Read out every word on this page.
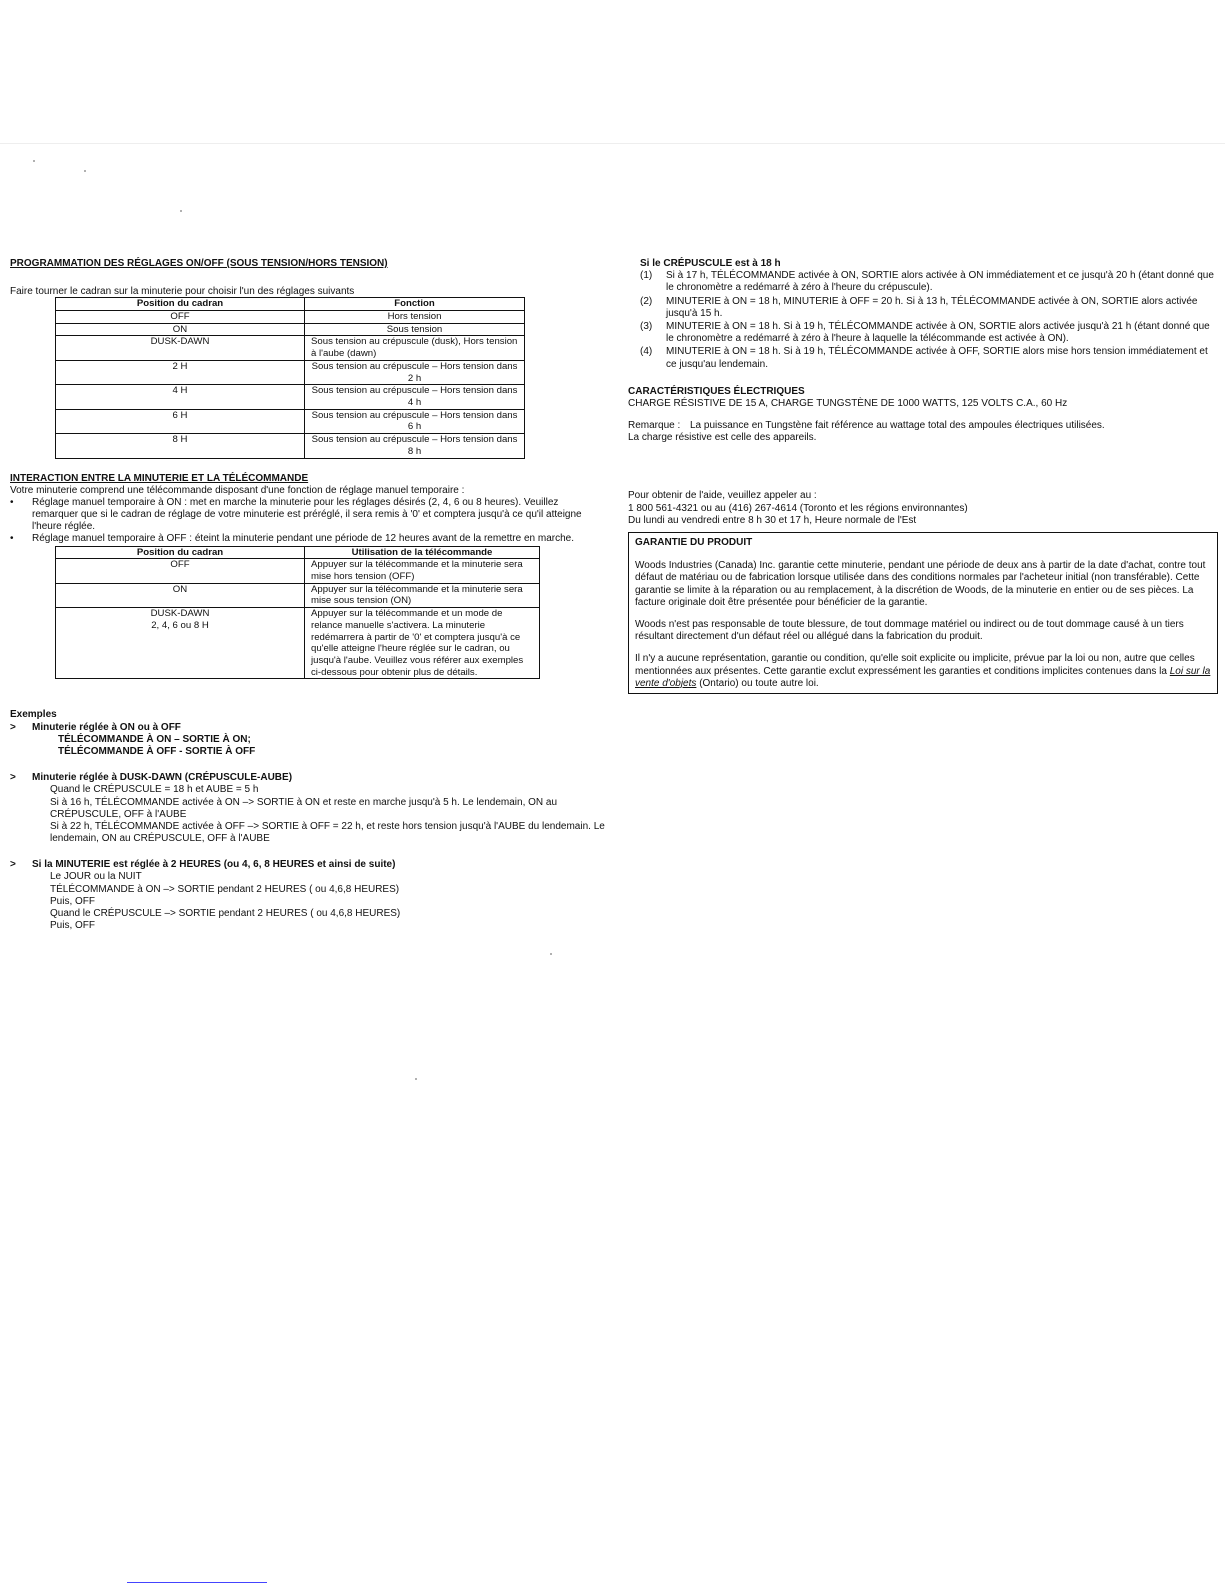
PROGRAMMATION DES RÉGLAGES ON/OFF (SOUS TENSION/HORS TENSION)
Faire tourner le cadran sur la minuterie pour choisir l'un des réglages suivants
Position du cadran	Fonction
OFF	Hors tension
ON	Sous tension
DUSK-DAWN	Sous tension au crépuscule (dusk), Hors tension à l'aube (dawn)
2 H	Sous tension au crépuscule – Hors tension dans 2 h
4 H	Sous tension au crépuscule – Hors tension dans 4 h
6 H	Sous tension au crépuscule – Hors tension dans 6 h
8 H	Sous tension au crépuscule – Hors tension dans 8 h
INTERACTION ENTRE LA MINUTERIE ET LA TÉLÉCOMMANDE
Votre minuterie comprend une télécommande disposant d'une fonction de réglage manuel temporaire :
• Réglage manuel temporaire à ON : met en marche la minuterie pour les réglages désirés (2, 4, 6 ou 8 heures). Veuillez remarquer que si le cadran de réglage de votre minuterie est préréglé, il sera remis à '0' et comptera jusqu'à ce qu'il atteigne l'heure réglée.
• Réglage manuel temporaire à OFF : éteint la minuterie pendant une période de 12 heures avant de la remettre en marche.
Position du cadran	Utilisation de la télécommande
OFF	Appuyer sur la télécommande et la minuterie sera mise hors tension (OFF)
ON	Appuyer sur la télécommande et la minuterie sera mise sous tension (ON)
DUSK-DAWN
2, 4, 6 ou 8 H	Appuyer sur la télécommande et un mode de relance manuelle s'activera. La minuterie redémarrera à partir de '0' et comptera jusqu'à ce qu'elle atteigne l'heure réglée sur le cadran, ou jusqu'à l'aube. Veuillez vous référer aux exemples ci-dessous pour obtenir plus de détails.
Exemples

> Minuterie réglée à ON ou à OFF

TÉLÉCOMMANDE À ON – SORTIE À ON;

TÉLÉCOMMANDE À OFF - SORTIE À OFF

> Minuterie réglée à DUSK-DAWN (CRÉPUSCULE-AUBE)

Quand le CRÉPUSCULE = 18 h et AUBE = 5 h

Si à 16 h, TÉLÉCOMMANDE activée à ON –> SORTIE à ON et reste en marche jusqu'à 5 h. Le lendemain, ON au CRÉPUSCULE, OFF à l'AUBE

Si à 22 h, TÉLÉCOMMANDE activée à OFF –> SORTIE à OFF = 22 h, et reste hors tension jusqu'à l'AUBE du lendemain. Le lendemain, ON au CRÉPUSCULE, OFF à l'AUBE

> Si la MINUTERIE est réglée à 2 HEURES (ou 4, 6, 8 HEURES et ainsi de suite)

Le JOUR ou la NUIT

TÉLÉCOMMANDE à ON –> SORTIE pendant 2 HEURES ( ou 4,6,8 HEURES)

Puis, OFF

Quand le CRÉPUSCULE –> SORTIE pendant 2 HEURES ( ou 4,6,8 HEURES)

Puis, OFF

Si le CRÉPUSCULE est à 18 h
(1) Si à 17 h, TÉLÉCOMMANDE activée à ON, SORTIE alors activée à ON immédiatement et ce jusqu'à 20 h (étant donné que le chronomètre a redémarré à zéro à l'heure du crépuscule).
(2) MINUTERIE à ON = 18 h, MINUTERIE à OFF = 20 h. Si à 13 h, TÉLÉCOMMANDE activée à ON, SORTIE alors activée jusqu'à 15 h.
(3) MINUTERIE à ON = 18 h. Si à 19 h, TÉLÉCOMMANDE activée à ON, SORTIE alors activée jusqu'à 21 h (étant donné que le chronomètre a redémarré à zéro à l'heure à laquelle la télécommande est activée à ON).
(4) MINUTERIE à ON = 18 h. Si à 19 h, TÉLÉCOMMANDE activée à OFF, SORTIE alors mise hors tension immédiatement et ce jusqu'au lendemain.
CARACTÉRISTIQUES ÉLECTRIQUES
CHARGE RÉSISTIVE DE 15 A, CHARGE TUNGSTÈNE DE 1000 WATTS, 125 VOLTS C.A., 60 Hz
Remarque : La puissance en Tungstène fait référence au wattage total des ampoules électriques utilisées.
La charge résistive est celle des appareils.
Pour obtenir de l'aide, veuillez appeler au :
1 800 561-4321 ou au (416) 267-4614 (Toronto et les régions environnantes)
Du lundi au vendredi entre 8 h 30 et 17 h, Heure normale de l'Est
GARANTIE DU PRODUIT
Woods Industries (Canada) Inc. garantie cette minuterie, pendant une période de deux ans à partir de la date d'achat, contre tout défaut de matériau ou de fabrication lorsque utilisée dans des conditions normales par l'acheteur initial (non transférable). Cette garantie se limite à la réparation ou au remplacement, à la discrétion de Woods, de la minuterie en entier ou de ses pièces. La facture originale doit être présentée pour bénéficier de la garantie.
Woods n'est pas responsable de toute blessure, de tout dommage matériel ou indirect ou de tout dommage causé à un tiers résultant directement d'un défaut réel ou allégué dans la fabrication du produit.
Il n'y a aucune représentation, garantie ou condition, qu'elle soit explicite ou implicite, prévue par la loi ou non, autre que celles mentionnées aux présentes. Cette garantie exclut expressément les garanties et conditions implicites contenues dans la Loi sur la vente d'objets (Ontario) ou toute autre loi.
